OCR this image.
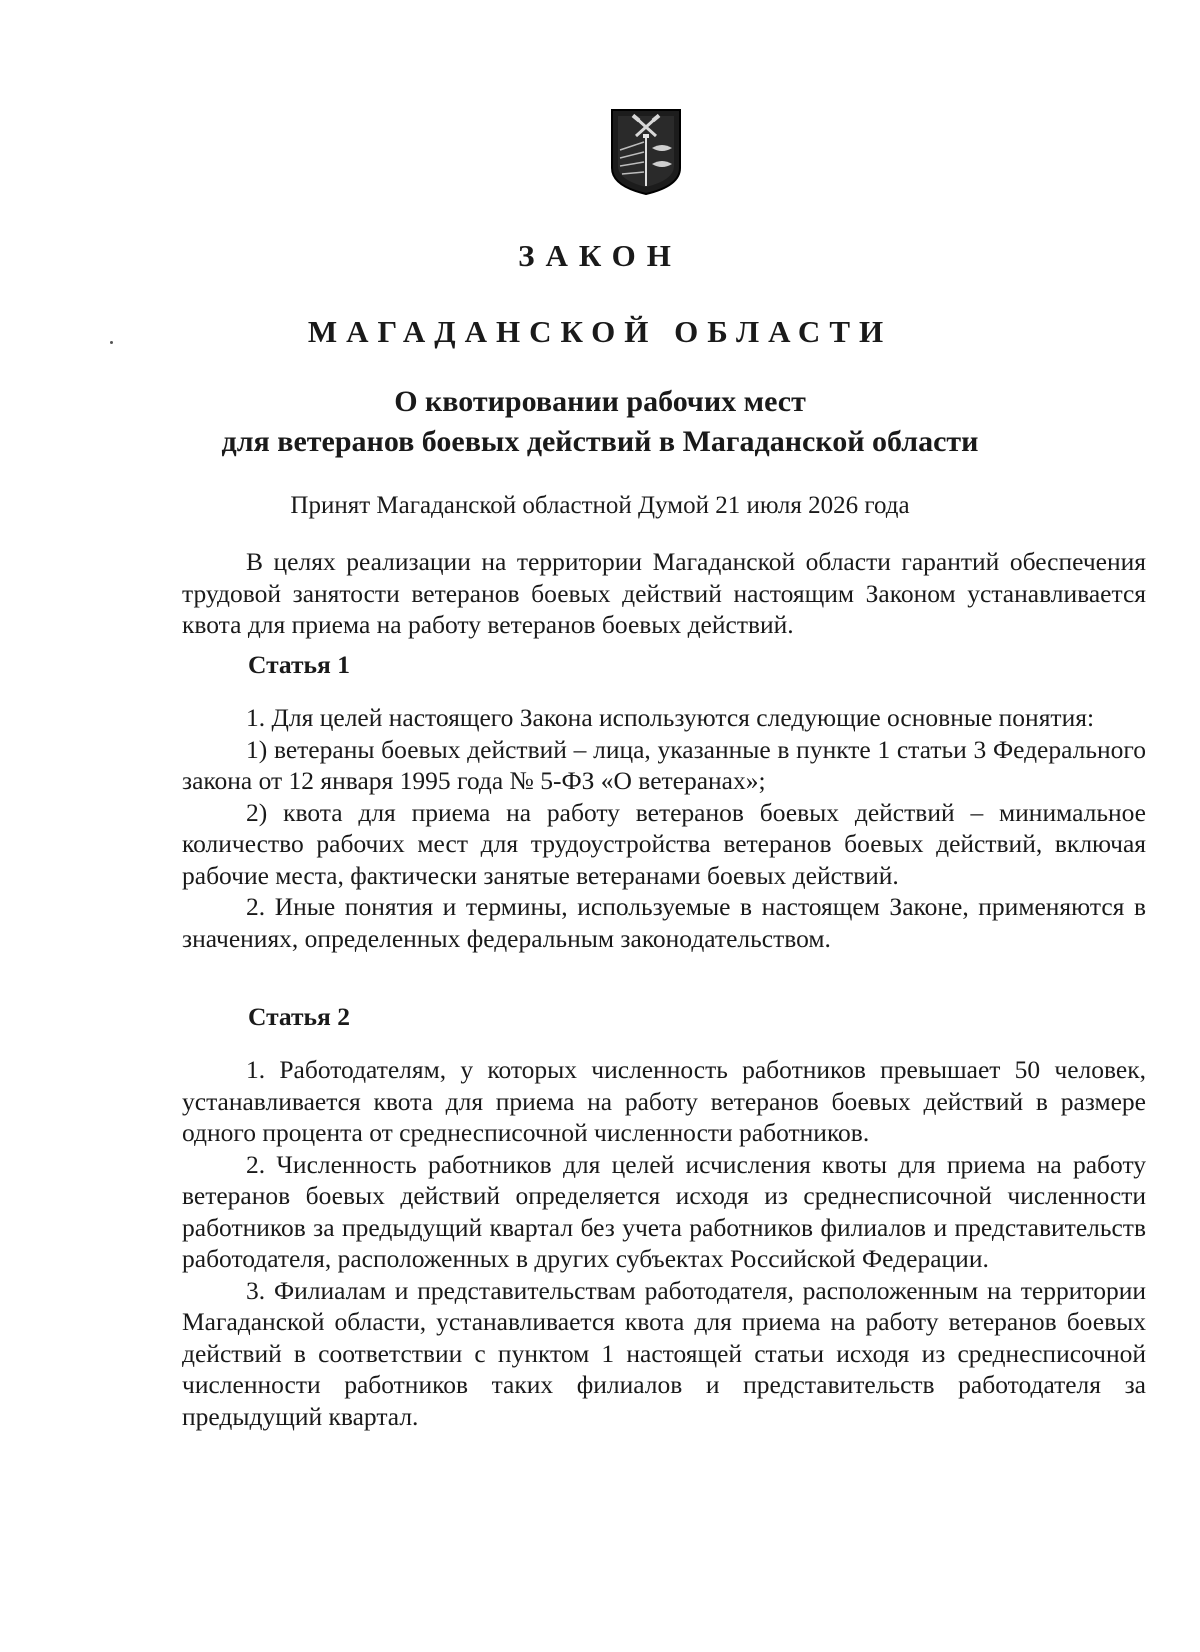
ЗАКОН
МАГАДАНСКОЙ ОБЛАСТИ
О квотировании рабочих мест
для ветеранов боевых действий в Магаданской области

Принят Магаданской областной Думой 21 июля 2026 года

В целях реализации на территории Магаданской области гарантий обеспечения трудовой занятости ветеранов боевых действий настоящим Законом устанавливается квота для приема на работу ветеранов боевых действий.

Статья 1

1. Для целей настоящего Закона используются следующие основные понятия:

1) ветераны боевых действий – лица, указанные в пункте 1 статьи 3 Федерального закона от 12 января 1995 года № 5-ФЗ «О ветеранах»;

2) квота для приема на работу ветеранов боевых действий – минимальное количество рабочих мест для трудоустройства ветеранов боевых действий, включая рабочие места, фактически занятые ветеранами боевых действий.

2. Иные понятия и термины, используемые в настоящем Законе, применяются в значениях, определенных федеральным законодательством.

Статья 2

1. Работодателям, у которых численность работников превышает 50 человек, устанавливается квота для приема на работу ветеранов боевых действий в размере одного процента от среднесписочной численности работников.

2. Численность работников для целей исчисления квоты для приема на работу ветеранов боевых действий определяется исходя из среднесписочной численности работников за предыдущий квартал без учета работников филиалов и представительств работодателя, расположенных в других субъектах Российской Федерации.

3. Филиалам и представительствам работодателя, расположенным на территории Магаданской области, устанавливается квота для приема на работу ветеранов боевых действий в соответствии с пунктом 1 настоящей статьи исходя из среднесписочной численности работников таких филиалов и представительств работодателя за предыдущий квартал.
